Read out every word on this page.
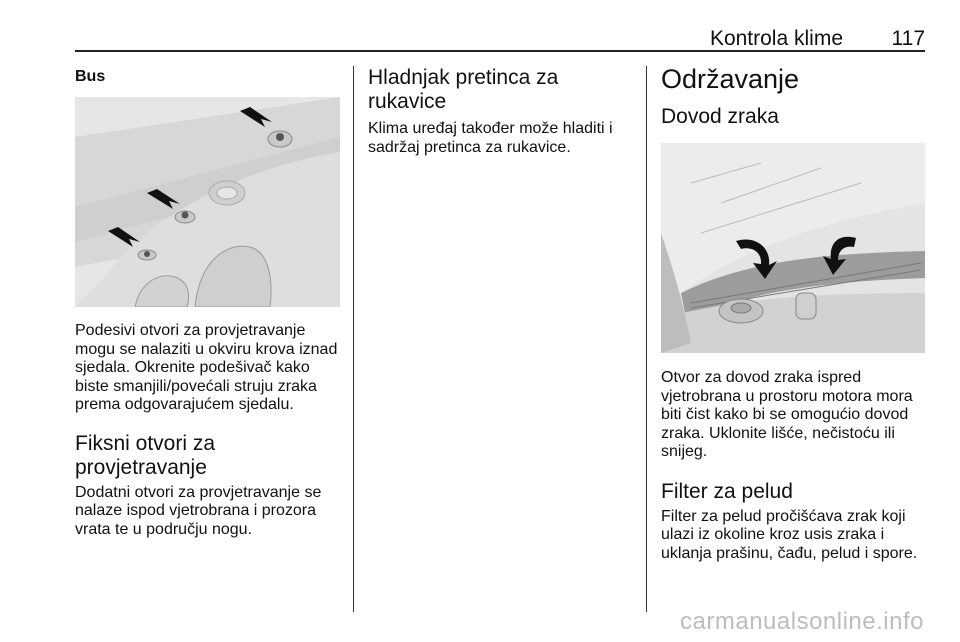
Kontrola klime 117

Bus

Podesivi otvori za provjetravanje mogu se nalaziti u okviru krova iznad sjedala. Okrenite podešivač kako biste smanjili/povećali struju zraka prema odgovarajućem sjedalu.

Fiksni otvori za provjetravanje

Dodatni otvori za provjetravanje se nalaze ispod vjetrobrana i prozora vrata te u području nogu.

Hladnjak pretinca za rukavice

Klima uređaj također može hladiti i sadržaj pretinca za rukavice.

Održavanje
Dovod zraka

Otvor za dovod zraka ispred vjetrobrana u prostoru motora mora biti čist kako bi se omogućio dovod zraka. Uklonite lišće, nečistoću ili snijeg.

Filter za pelud

Filter za pelud pročišćava zrak koji ulazi iz okoline kroz usis zraka i uklanja prašinu, čađu, pelud i spore.

carmanualsonline.info
